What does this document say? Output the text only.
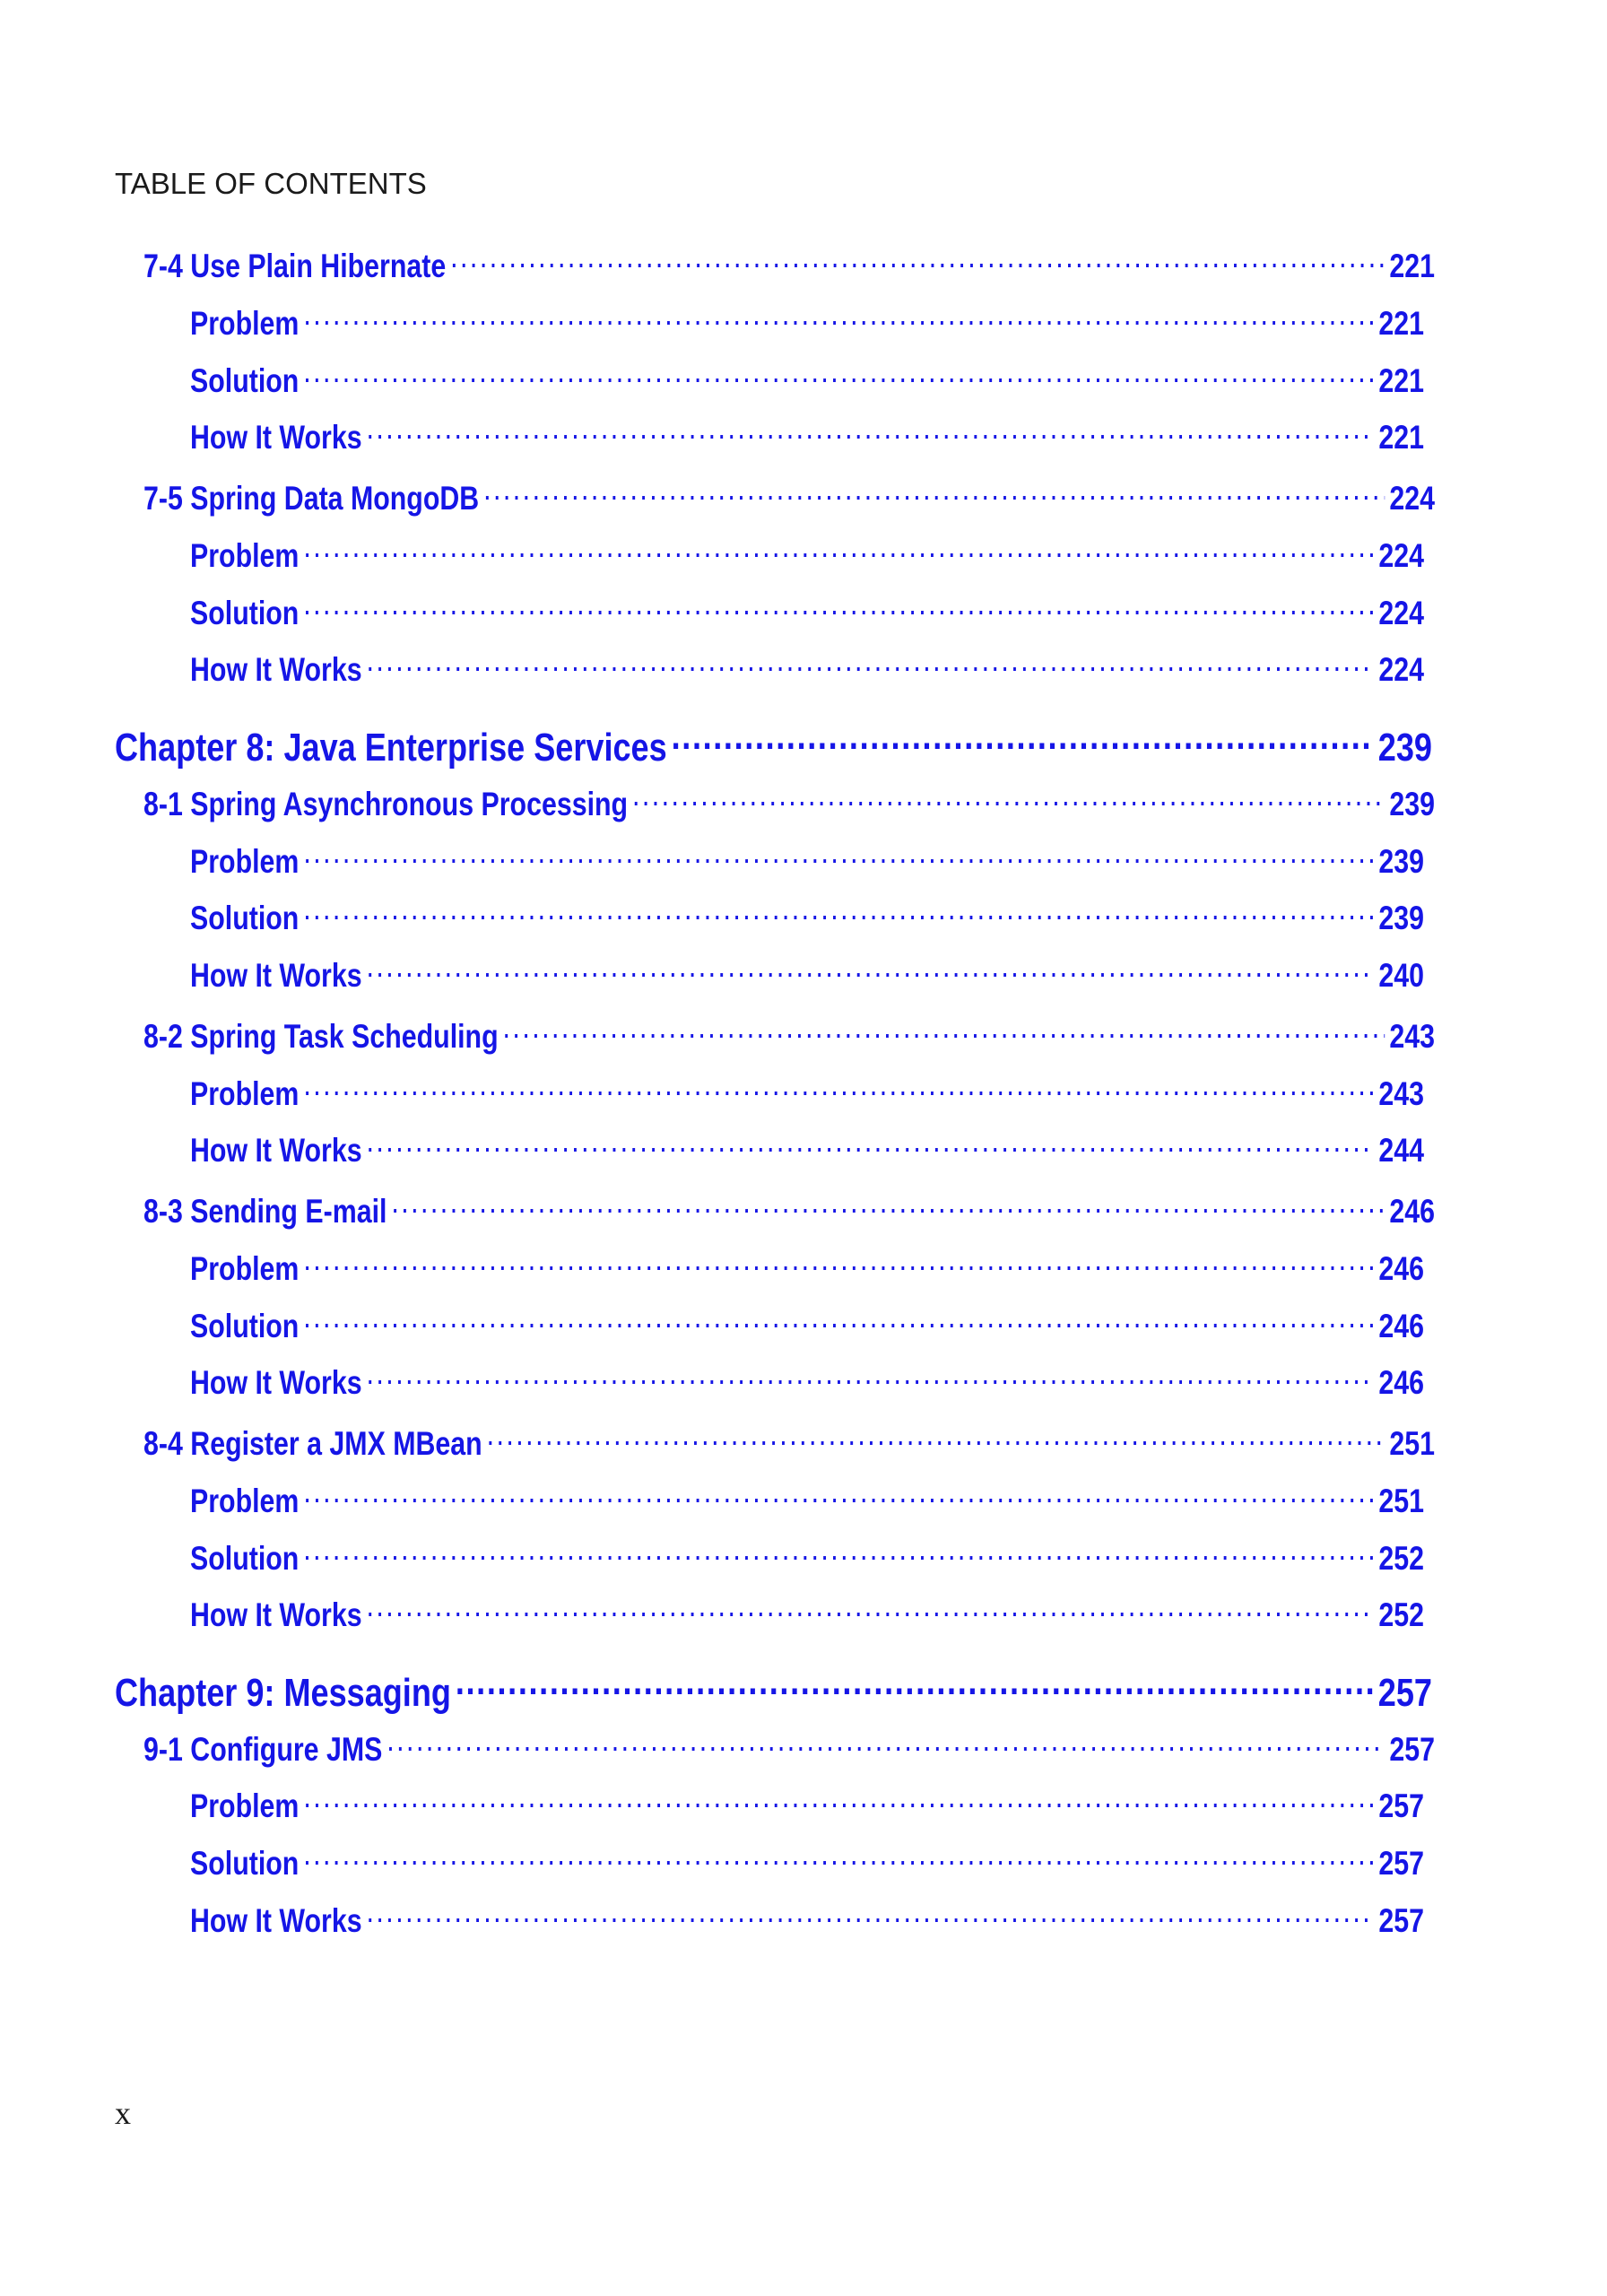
TABLE OF CONTENTS
7-4 Use Plain Hibernate .....	221
Problem .....	221
Solution .....	221
How It Works .....	221
7-5 Spring Data MongoDB .....	224
Problem .....	224
Solution .....	224
How It Works .....	224
Chapter 8: Java Enterprise Services .....	239
8-1 Spring Asynchronous Processing .....	239
Problem .....	239
Solution .....	239
How It Works .....	240
8-2 Spring Task Scheduling .....	243
Problem .....	243
How It Works .....	244
8-3 Sending E-mail .....	246
Problem .....	246
Solution .....	246
How It Works .....	246
8-4 Register a JMX MBean .....	251
Problem .....	251
Solution .....	252
How It Works .....	252
Chapter 9: Messaging .....	257
9-1 Configure JMS .....	257
Problem .....	257
Solution .....	257
How It Works .....	257
x
